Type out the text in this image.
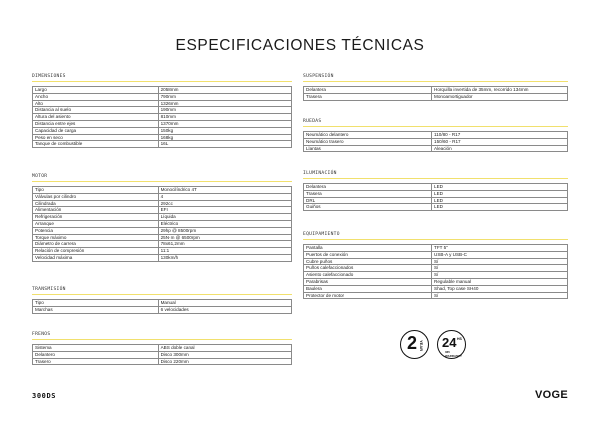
ESPECIFICACIONES TÉCNICAS
DIMENSIONES
Largo	2058mm
Ancho	790mm
Alto	1326mm
Distancia al suelo	190mm
Altura del asiento	810mm
Distancia entre ejes	1370mm
Capacidad de carga	150kg
Peso en seco	168kg
Tanque de combustible	16L
MOTOR
Tipo	Monocilíndrico 4T
Válvulas por cilindro	4
Cilindrada	292cc
Alimentación	EFI
Refrigeración	Líquida
Arranque	Eléctrico
Potencia	29hp @ 8500rpm
Torque máximo	25N·m @ 6500rpm
Diámetro de carrera	78x61,2mm
Relación de compresión	11:1
Velocidad máxima	130km/h
TRANSMISIÓN
Tipo	Manual
Marchas	6 velocidades
FRENOS
Sistema	ABS doble canal
Delantero	Disco 300mm
Trasero	Disco 220mm
SUSPENSIÓN
Delantera	Horquilla invertida de 35mm, recorrido 134mm
Trasera	Monoamortiguador
RUEDAS
Neumático delantero	110/80 - R17
Neumático trasero	150/60 - R17
Llantas	Aleación
ILUMINACIÓN
Delantera	LED
Trasera	LED
DRL	LED
Guiños	LED
EQUIPAMIENTO
Pantalla	TFT 5"
Puertos de conexión	USB-A y USB-C
Cubre puños	Sí
Puños calefaccionados	Sí
Asiento calefaccionado	Sí
Parabrisas	Regulable manual
Baulera	Shad, Top case SH40
Protector de motor	Sí
2 YEAR 24 HS
365 WARRANTY
300DS	VOGE
